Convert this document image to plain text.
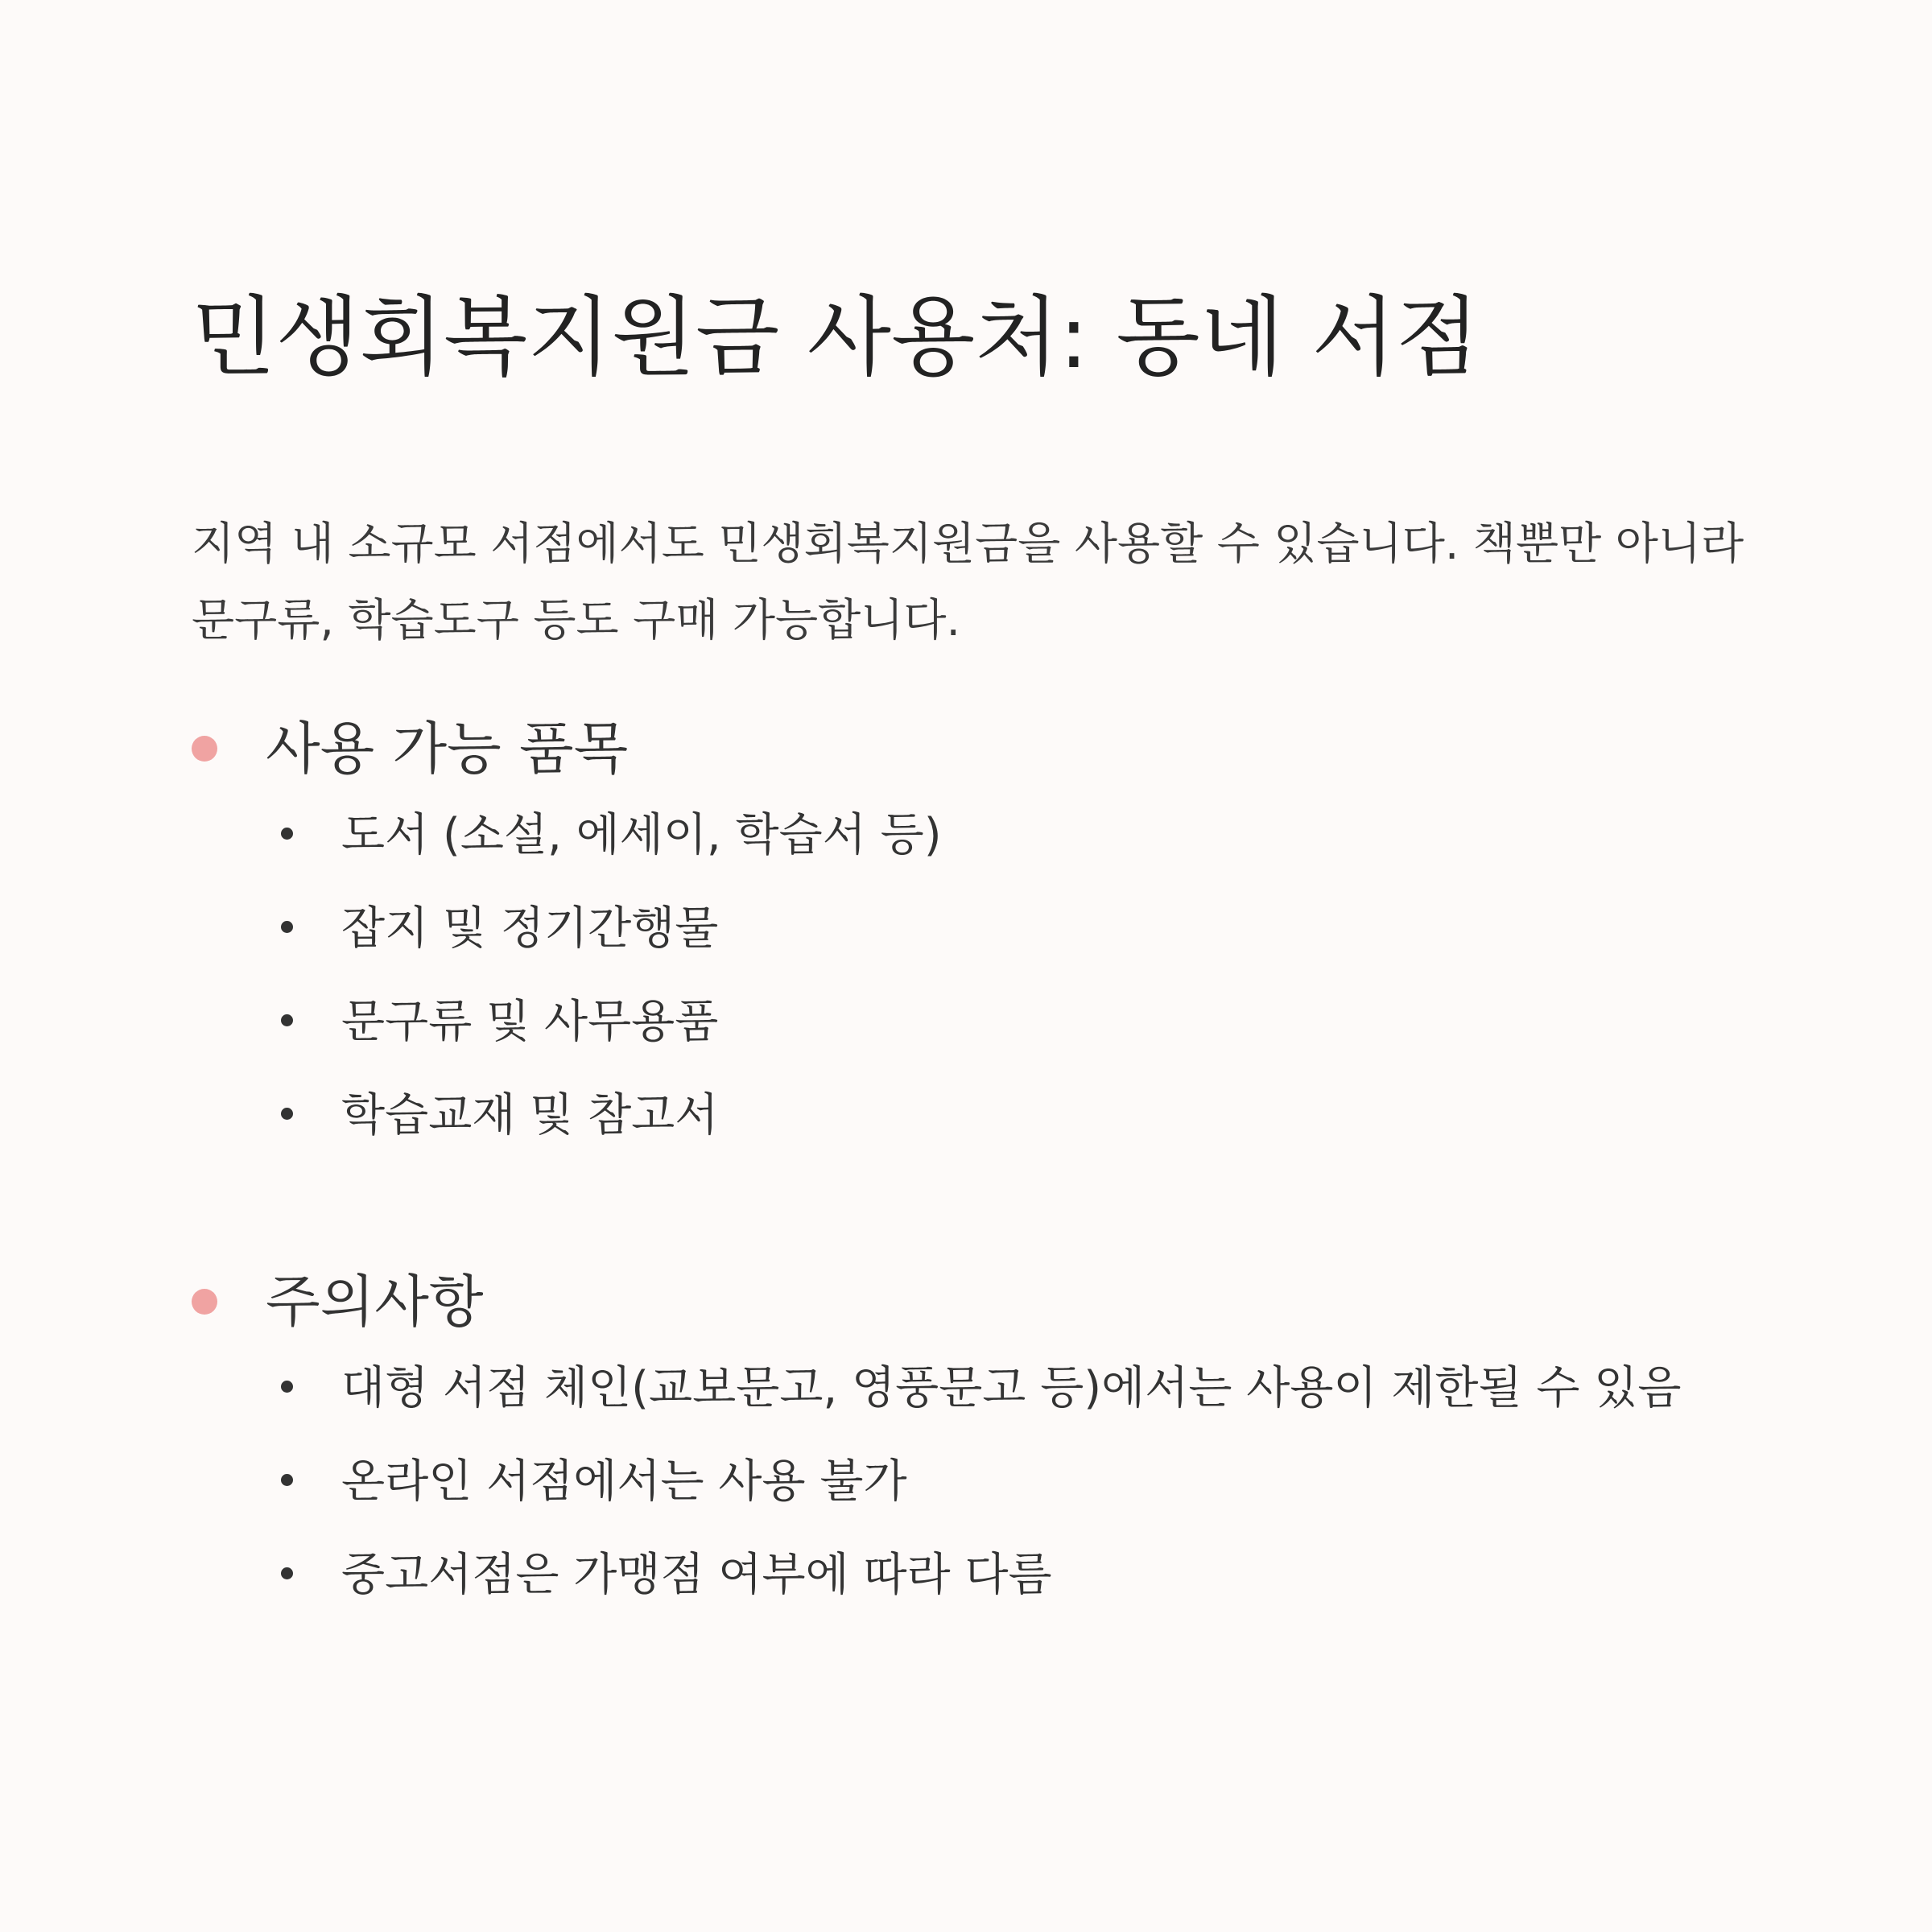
민생회복지원금 사용처: 동네 서점

지역 내 소규모 서점에서도 민생회복지원금을 사용할 수 있습니다. 책뿐만 아니라 문구류, 학습도구 등도 구매 가능합니다.

사용 가능 품목
도서 (소설, 에세이, 학습서 등)
잡지 및 정기간행물
문구류 및 사무용품
학습교재 및 참고서
주의사항
대형 서점 체인(교보문고, 영풍문고 등)에서는 사용이 제한될 수 있음
온라인 서점에서는 사용 불가
중고서점은 가맹점 여부에 따라 다름
